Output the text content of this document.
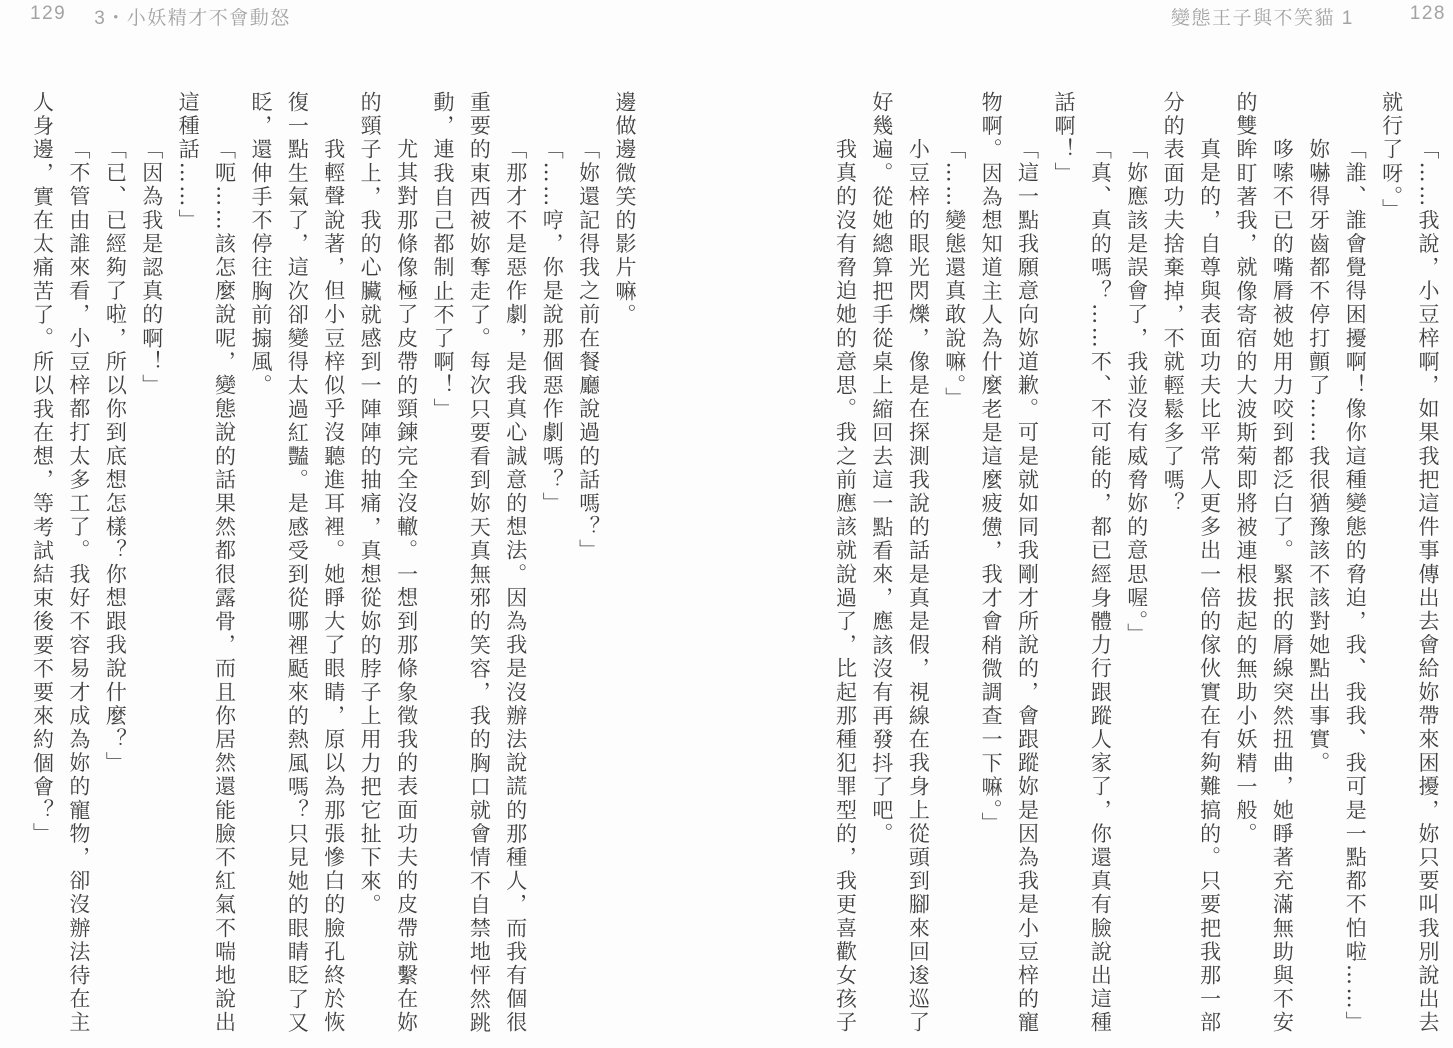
129 3・小妖精才不會動怒	變態王子與不笑貓 1	128

「……我說，小豆梓啊，如果我把這件事傳出去會給妳帶來困擾，妳只要叫我別說出去就行了呀。」

「誰、誰會覺得困擾啊！像你這種變態的脅迫，我、我我、我可是一點都不怕啦……」

妳嚇得牙齒都不停打顫了……我很猶豫該不該對她點出事實。

哆嗦不已的嘴脣被她用力咬到都泛白了。緊抿的脣線突然扭曲，她睜著充滿無助與不安的雙眸盯著我，就像寄宿的大波斯菊即將被連根拔起的無助小妖精一般。

真是的，自尊與表面功夫比平常人更多出一倍的傢伙實在有夠難搞的。只要把我那一部分的表面功夫捨棄掉，不就輕鬆多了嗎？

「妳應該是誤會了，我並沒有威脅妳的意思喔。」

「真、真的嗎？……不、不可能的，都已經身體力行跟蹤人家了，你還真有臉說出這種話啊！」

「這一點我願意向妳道歉。可是就如同我剛才所說的，會跟蹤妳是因為我是小豆梓的寵物啊。因為想知道主人為什麼老是這麼疲憊，我才會稍微調查一下嘛。」

「……變態還真敢說嘛。」

小豆梓的眼光閃爍，像是在探測我說的話是真是假，視線在我身上從頭到腳來回逡巡了好幾遍。從她總算把手從桌上縮回去這一點看來，應該沒有再發抖了吧。

我真的沒有脅迫她的意思。我之前應該就說過了，比起那種犯罪型的，我更喜歡女孩子

邊做邊微笑的影片嘛。

「妳還記得我之前在餐廳說過的話嗎？」

「……哼，你是說那個惡作劇嗎？」

「那才不是惡作劇，是我真心誠意的想法。因為我是沒辦法說謊的那種人，而我有個很重要的東西被妳奪走了。每次只要看到妳天真無邪的笑容，我的胸口就會情不自禁地怦然跳動，連我自己都制止不了啊！」

尤其對那條像極了皮帶的頸鍊完全沒轍。一想到那條象徵我的表面功夫的皮帶就繫在妳的頸子上，我的心臟就感到一陣陣的抽痛，真想從妳的脖子上用力把它扯下來。

我輕聲說著，但小豆梓似乎沒聽進耳裡。她睜大了眼睛，原以為那張慘白的臉孔終於恢復一點生氣了，這次卻變得太過紅豔。是感受到從哪裡颳來的熱風嗎？只見她的眼睛眨了又眨，還伸手不停往胸前搧風。

「呃……該怎麼說呢，變態說的話果然都很露骨，而且你居然還能臉不紅氣不喘地說出這種話……」

「因為我是認真的啊！」

「已、已經夠了啦，所以你到底想怎樣？你想跟我說什麼？」

「不管由誰來看，小豆梓都打太多工了。我好不容易才成為妳的寵物，卻沒辦法待在主人身邊，實在太痛苦了。所以我在想，等考試結束後要不要來約個會？」
